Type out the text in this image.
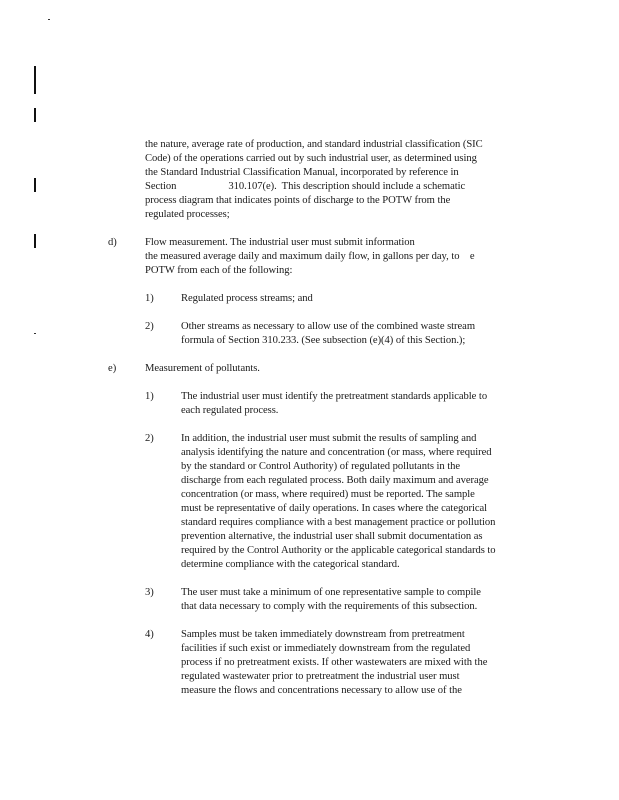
the nature, average rate of production, and standard industrial classification (SIC
Code) of the operations carried out by such industrial user, as determined using
the Standard Industrial Classification Manual, incorporated by reference in
Section                    310.107(e).  This description should include a schematic
process diagram that indicates points of discharge to the POTW from the
regulated processes;
d)	Flow measurement. The industrial user must submit information
the measured average daily and maximum daily flow, in gallons per day, to    e
POTW from each of the following:
1)	Regulated process streams; and
2)	Other streams as necessary to allow use of the combined waste stream
formula of Section 310.233. (See subsection (e)(4) of this Section.);
e)	Measurement of pollutants.
1)	The industrial user must identify the pretreatment standards applicable to
each regulated process.
2)	In addition, the industrial user must submit the results of sampling and
analysis identifying the nature and concentration (or mass, where required
by the standard or Control Authority) of regulated pollutants in the
discharge from each regulated process. Both daily maximum and average
concentration (or mass, where required) must be reported. The sample
must be representative of daily operations. In cases where the categorical
standard requires compliance with a best management practice or pollution
prevention alternative, the industrial user shall submit documentation as
required by the Control Authority or the applicable categorical standards to
determine compliance with the categorical standard.
3)	The user must take a minimum of one representative sample to compile
that data necessary to comply with the requirements of this subsection.
4)	Samples must be taken immediately downstream from pretreatment
facilities if such exist or immediately downstream from the regulated
process if no pretreatment exists. If other wastewaters are mixed with the
regulated wastewater prior to pretreatment the industrial user must
measure the flows and concentrations necessary to allow use of the
